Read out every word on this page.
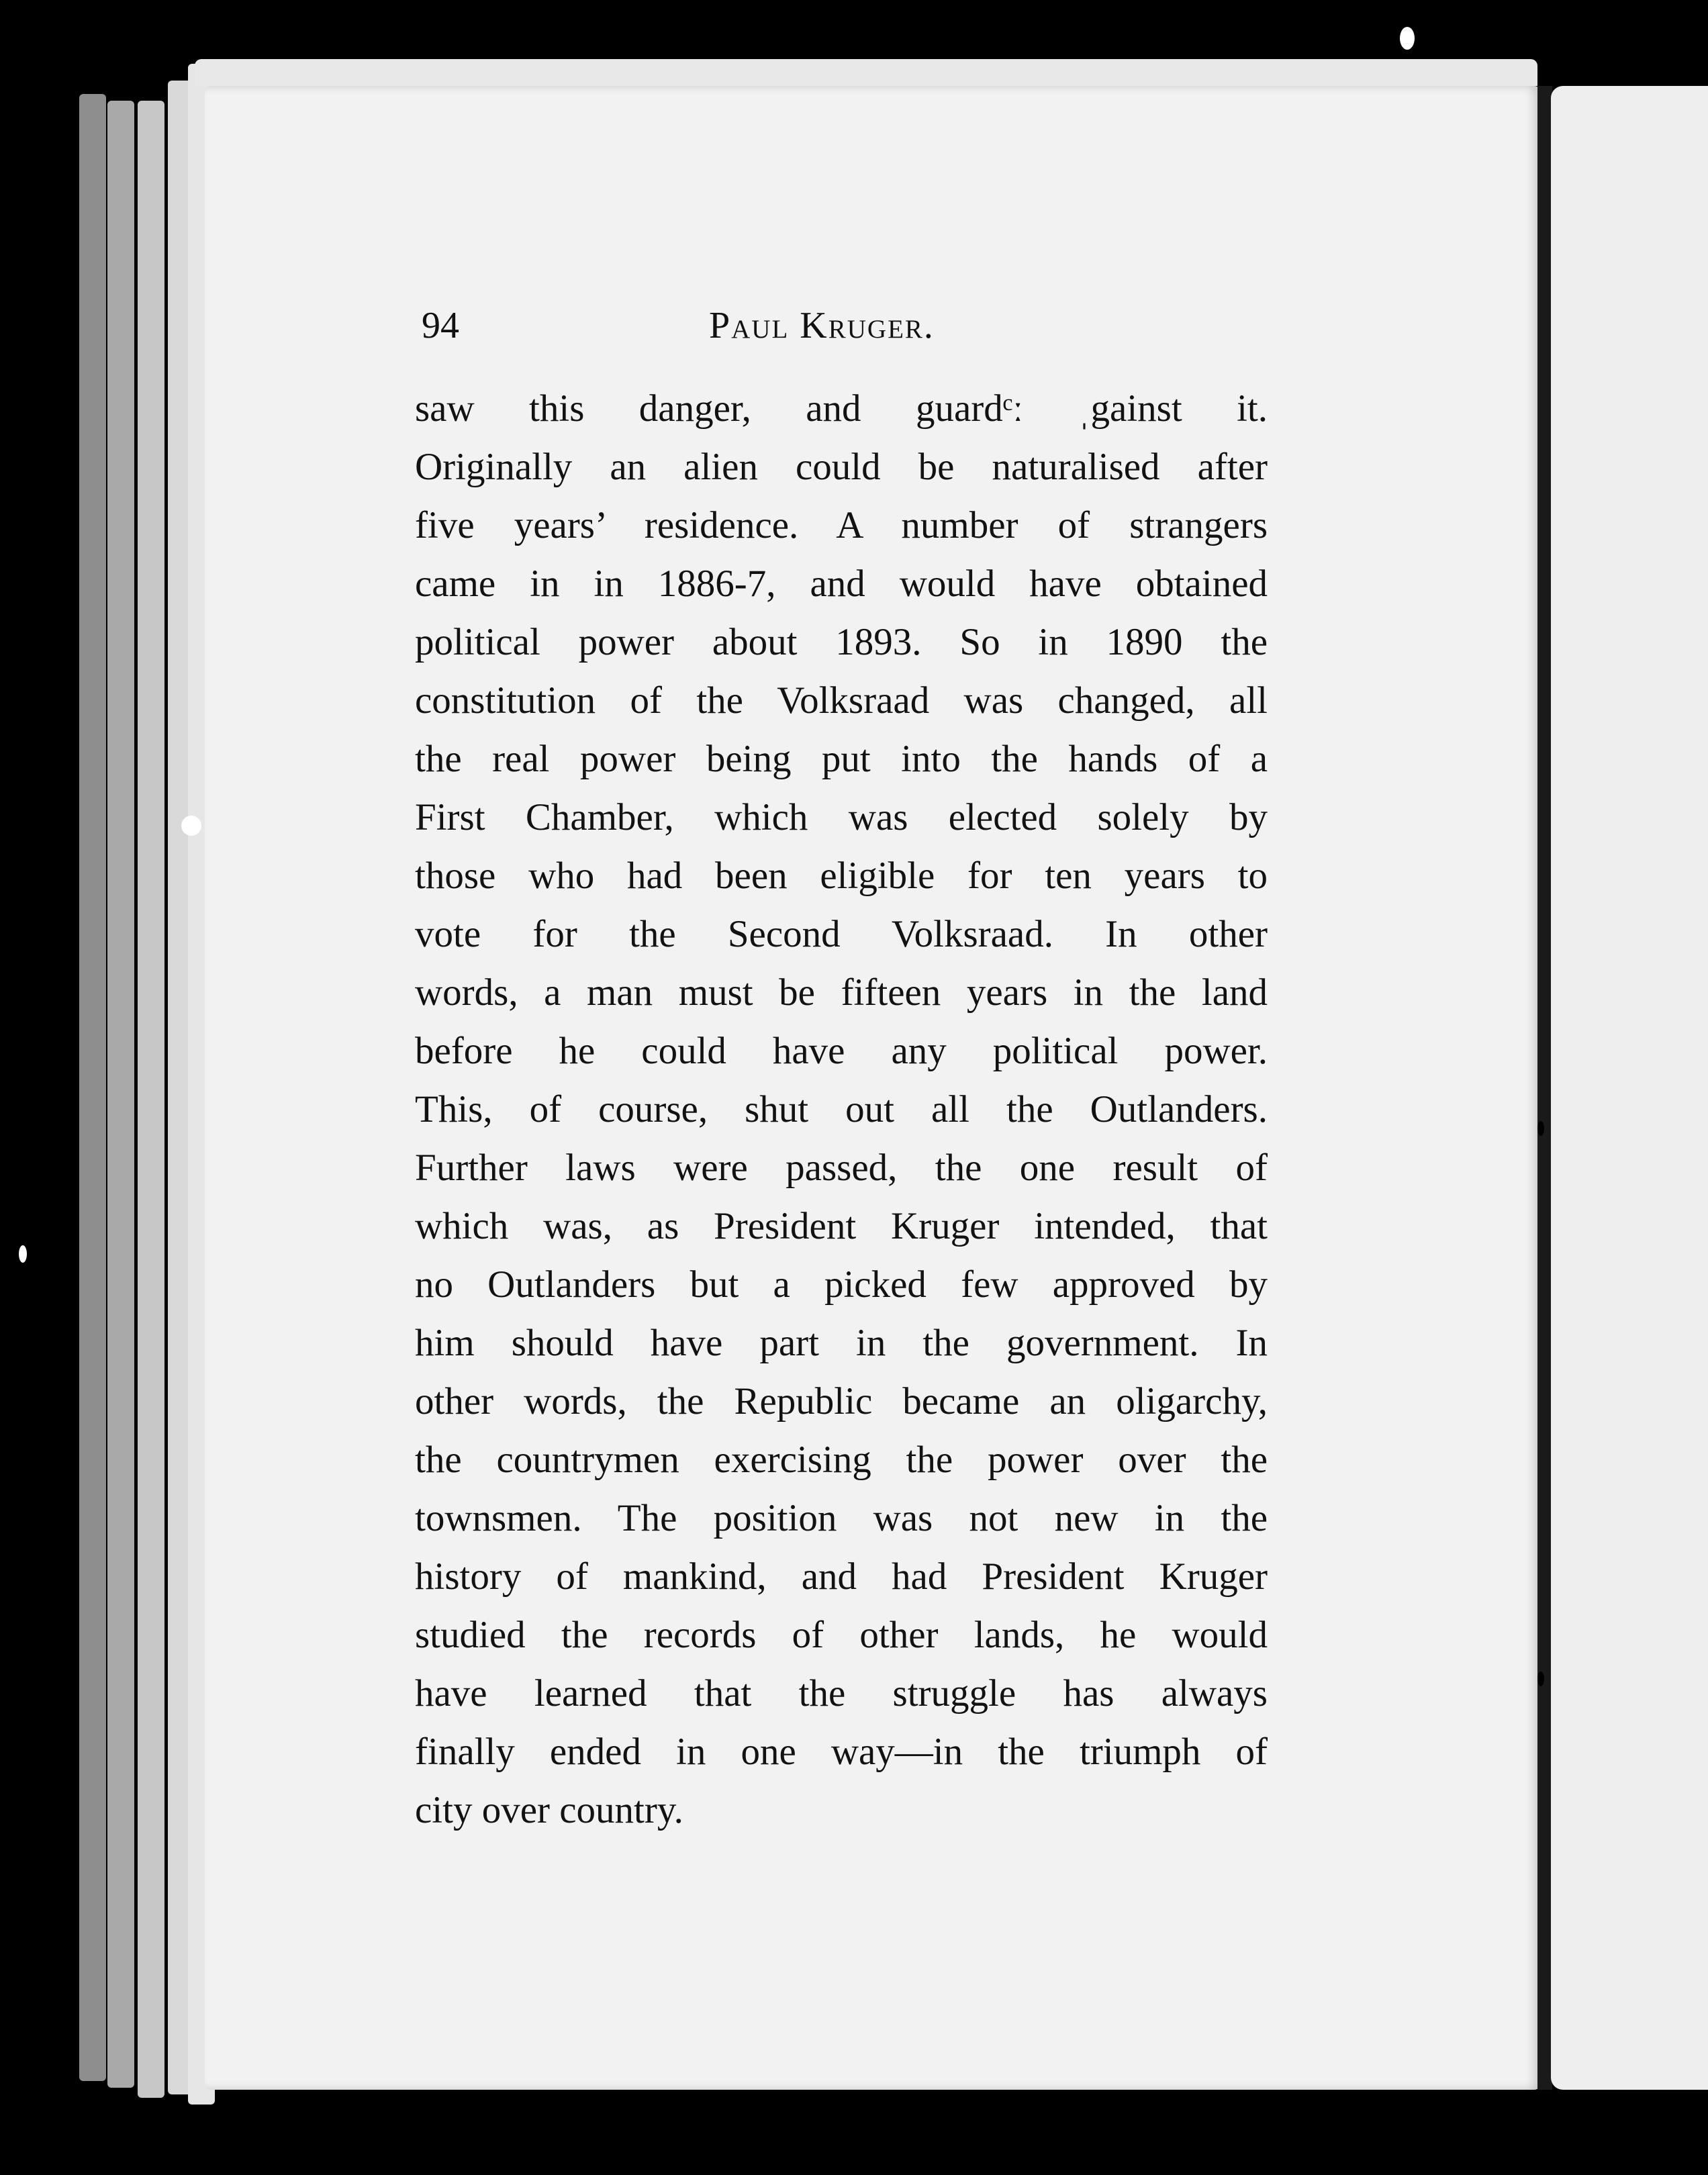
94	Paul Kruger.
saw this danger, and guardᶜː ˌgainst it.
Originally an alien could be naturalised after
five years’ residence. A number of strangers
came in in 1886-7, and would have obtained
political power about 1893. So in 1890 the
constitution of the Volksraad was changed, all
the real power being put into the hands of a
First Chamber, which was elected solely by
those who had been eligible for ten years to
vote for the Second Volksraad. In other
words, a man must be fifteen years in the land
before he could have any political power.
This, of course, shut out all the Outlanders.
Further laws were passed, the one result of
which was, as President Kruger intended, that
no Outlanders but a picked few approved by
him should have part in the government. In
other words, the Republic became an oligarchy,
the countrymen exercising the power over the
townsmen. The position was not new in the
history of mankind, and had President Kruger
studied the records of other lands, he would
have learned that the struggle has always
finally ended in one way—in the triumph of
city over country.
